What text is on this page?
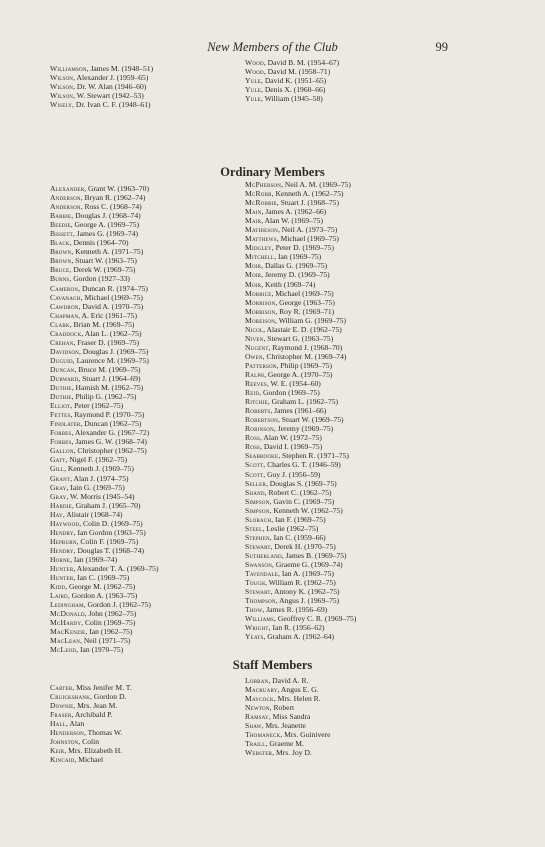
New Members of the Club	99
Williamson, James M. (1948–51)
Wilson, Alexander J. (1959–65)
Wilson, Dr. W. Alan (1946–60)
Wilson, W. Stewart (1942–53)
Wisely, Dr. Ivan C. F. (1948–61)
Wood, David B. M. (1954–67)
Wood, David M. (1958–71)
Yule, David K. (1951–65)
Yule, Denis X. (1960–66)
Yule, William (1945–58)
Ordinary Members
Alexander, Grant W. (1963–70)
Anderson, Bryan R. (1962–74)
Anderson, Ross C. (1968–74)
Barbie, Douglas J. (1968–74)
Beedie, George A. (1969–75)
Bissett, James G. (1969–74)
Black, Dennis (1964–70)
Brown, Kenneth A. (1971–75)
Brown, Stuart W. (1963–75)
Bruce, Derek W. (1969–75)
Burns, Gordon (1927–33)
Cameron, Duncan R. (1974–75)
Cavanagh, Michael (1969–75)
Cawdron, David A. (1970–75)
Chapman, A. Eric (1961–75)
Clark, Brian M. (1969–75)
Craddock, Alan L. (1962–75)
Crehan, Fraser D. (1969–75)
Davidson, Douglas J. (1969–75)
Duguid, Laurence M. (1969–75)
Duncan, Bruce M. (1969–75)
Durward, Stuart J. (1964–69)
Duthie, Hamish M. (1962–75)
Duthie, Philip G. (1962–75)
Elliot, Peter (1962–75)
Fettes, Raymond P. (1970–75)
Findlater, Duncan (1962–75)
Forbes, Alexander G. (1967–72)
Forbes, James G. W. (1968–74)
Gallon, Christopher (1962–75)
Gatt, Nigel F. (1962–75)
Gill, Kenneth J. (1969–75)
Grant, Alan J. (1974–75)
Gray, Iain G. (1969–75)
Gray, W. Morris (1945–54)
Hardie, Graham J. (1965–70)
Hay, Alistair (1968–74)
Haywood, Colin D. (1969–75)
Hendry, Ian Gordon (1963–75)
Hepburn, Colin F. (1969–75)
Hendry, Douglas T. (1968–74)
Horne, Ian (1969–74)
Hunter, Alexander T. A. (1969–75)
Hunter, Ian C. (1969–75)
Kidd, George M. (1962–75)
Laird, Gordon A. (1963–75)
Ledingham, Gordon J. (1962–75)
McDonald, John (1962–75)
McHardy, Colin (1969–75)
MacKenzie, Ian (1962–75)
MacLean, Neil (1971–75)
McLeod, Ian (1970–75)
McPherson, Neil A. M. (1969–75)
McRobb, Kenneth A. (1962–75)
McRobbie, Stuart J. (1968–75)
Main, James A. (1962–66)
Mair, Alan W. (1969–75)
Mathieson, Neil A. (1973–75)
Matthews, Michael (1969–75)
Midgley, Peter D. (1969–75)
Mitchell, Ian (1969–75)
Moir, Dallas G. (1969–75)
Moir, Jeremy D. (1969–75)
Moir, Keith (1969–74)
Morrice, Michael (1969–75)
Morrison, George (1963–75)
Morrison, Roy R. (1969–71)
Moreison, William G. (1969–75)
Nicol, Alastair E. D. (1962–75)
Niven, Stewart G. (1963–75)
Nugent, Raymond J. (1968–70)
Owen, Christopher M. (1969–74)
Patterson, Philip (1969–75)
Ralph, George A. (1970–75)
Reeves, W. E. (1954–60)
Reid, Gordon (1969–75)
Ritchie, Graham L. (1962–75)
Roberts, James (1961–66)
Robertson, Stuart W. (1969–75)
Robinson, Jeremy (1969–75)
Ross, Alan W. (1972–75)
Ross, David I. (1969–75)
Seabrooke, Stephen R. (1971–75)
Scott, Charles G. T. (1946–59)
Scott, Guy J. (1956–59)
Seller, Douglas S. (1969–75)
Shand, Robert C. (1962–75)
Simpson, Gavin C. (1969–75)
Simpson, Kenneth W. (1962–75)
Slorach, Ian F. (1969–75)
Steel, Leslie (1962–75)
Stephen, Ian C. (1959–66)
Stewart, Derek H. (1970–75)
Sutherland, James B. (1969–75)
Swanson, Graeme G. (1969–74)
Tavendale, Ian A. (1969–75)
Tough, William R. (1962–75)
Stewart, Antony K. (1962–75)
Thompson, Angus J. (1969–75)
Thow, James R. (1956–69)
Williams, Geoffrey C. R. (1969–75)
Wright, Ian R. (1956–62)
Yeats, Graham A. (1962–64)
Staff Members
Carter, Miss Jenifer M. T.
Cruickshank, Gordon D.
Downie, Mrs. Jean M.
Fraser, Archibald P.
Hall, Alan
Henderson, Thomas W.
Johnston, Colin
Keir, Mrs. Elizabeth H.
Kincaid, Michael
Lobban, David A. R.
Macruary, Angus E. G.
Maycock, Mrs. Helen R.
Newton, Robert
Ramsay, Miss Sandra
Shaw, Mrs. Jeanette
Thomaneck, Mrs. Guinivere
Traill, Graeme M.
Webster, Mrs. Joy D.
